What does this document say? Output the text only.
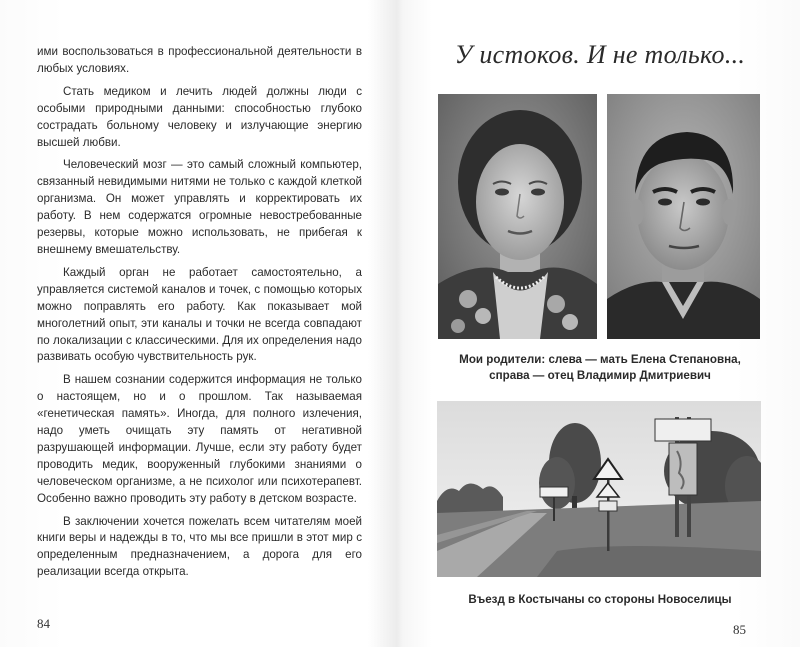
ими воспользоваться в профессиональной деятельности в любых условиях.

Стать медиком и лечить людей должны люди с особыми природными данными: способностью глубоко сострадать больному человеку и излучающие энергию высшей любви.

Человеческий мозг — это самый сложный компьютер, связанный невидимыми нитями не только с каждой клеткой организма. Он может управлять и корректировать их работу. В нем содержатся огромные невостребованные резервы, которые можно использовать, не прибегая к внешнему вмешательству.

Каждый орган не работает самостоятельно, а управляется системой каналов и точек, с помощью которых можно поправлять его работу. Как показывает мой многолетний опыт, эти каналы и точки не всегда совпадают по локализации с классическими. Для их определения надо развивать особую чувствительность рук.

В нашем сознании содержится информация не только о настоящем, но и о прошлом. Так называемая «генетическая память». Иногда, для полного излечения, надо уметь очищать эту память от негативной разрушающей информации. Лучше, если эту работу будет проводить медик, вооруженный глубокими знаниями о человеческом организме, а не психолог или психотерапевт. Особенно важно проводить эту работу в детском возрасте.

В заключении хочется пожелать всем читателям моей книги веры и надежды в то, что мы все пришли в этот мир с определенным предназначением, а дорога для его реализации всегда открыта.

84
У истоков. И не только...
Мои родители: слева — мать Елена Степановна,
справа — отец Владимир Дмитриевич
Въезд в Костычаны со стороны Новоселицы
85
